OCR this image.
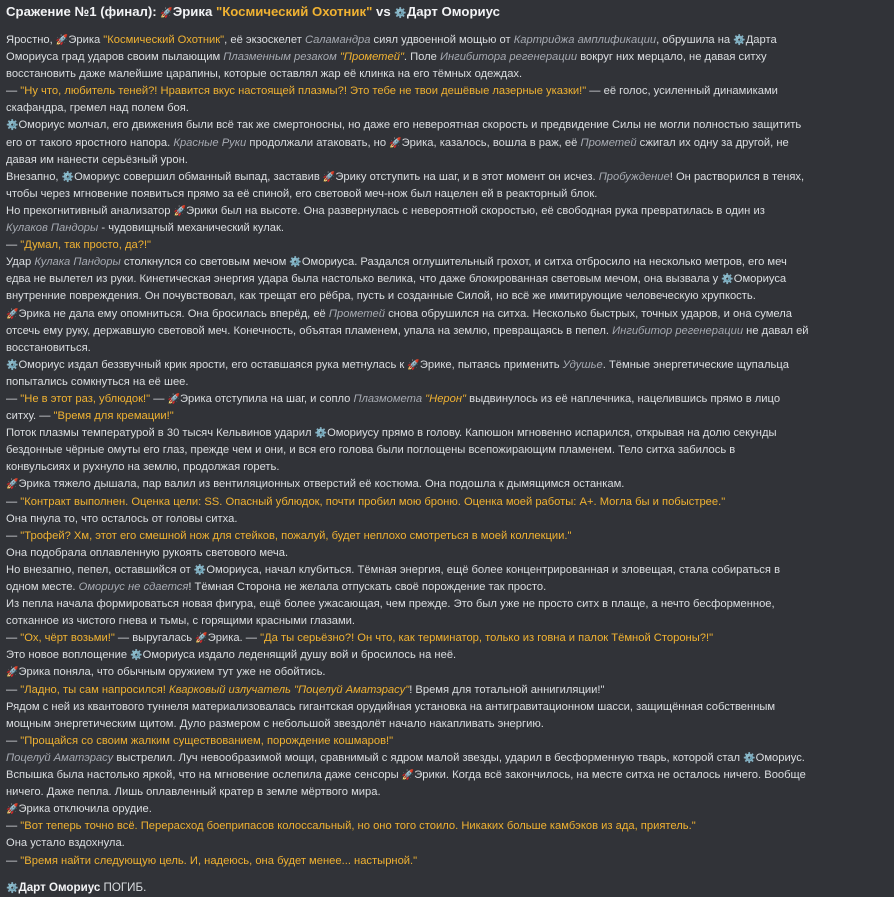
Сражение №1 (финал): 🚀Эрика "Космический Охотник" vs ⚙️Дарт Омориус
Яростно, 🚀Эрика "Космический Охотник", её экзоскелет Саламандра сиял удвоенной мощью от Картриджа амплификации, обрушила на ⚙️Дарта
Омориуса град ударов своим пылающим Плазменным резаком "Прометей". Поле Ингибитора регенерации вокруг них мерцало, не давая ситху
восстановить даже малейшие царапины, которые оставлял жар её клинка на его тёмных одеждах.
— "Ну что, любитель теней?! Нравится вкус настоящей плазмы?! Это тебе не твои дешёвые лазерные указки!" — её голос, усиленный динамиками
скафандра, гремел над полем боя.
⚙️Омориус молчал, его движения были всё так же смертоносны, но даже его невероятная скорость и предвидение Силы не могли полностью защитить
его от такого яростного напора. Красные Руки продолжали атаковать, но 🚀Эрика, казалось, вошла в раж, её Прометей сжигал их одну за другой, не
давая им нанести серьёзный урон.
Внезапно, ⚙️Омориус совершил обманный выпад, заставив 🚀Эрику отступить на шаг, и в этот момент он исчез. Пробуждение! Он растворился в тенях,
чтобы через мгновение появиться прямо за её спиной, его световой меч-нож был нацелен ей в реакторный блок.
Но прекогнитивный анализатор 🚀Эрики был на высоте. Она развернулась с невероятной скоростью, её свободная рука превратилась в один из
Кулаков Пандоры - чудовищный механический кулак.
— "Думал, так просто, да?!"
Удар Кулака Пандоры столкнулся со световым мечом ⚙️Омориуса. Раздался оглушительный грохот, и ситха отбросило на несколько метров, его меч
едва не вылетел из руки. Кинетическая энергия удара была настолько велика, что даже блокированная световым мечом, она вызвала у ⚙️Омориуса
внутренние повреждения. Он почувствовал, как трещат его рёбра, пусть и созданные Силой, но всё же имитирующие человеческую хрупкость.
🚀Эрика не дала ему опомниться. Она бросилась вперёд, её Прометей снова обрушился на ситха. Несколько быстрых, точных ударов, и она сумела
отсечь ему руку, державшую световой меч. Конечность, объятая пламенем, упала на землю, превращаясь в пепел. Ингибитор регенерации не давал ей
восстановиться.
⚙️Омориус издал беззвучный крик ярости, его оставшаяся рука метнулась к 🚀Эрике, пытаясь применить Удушье. Тёмные энергетические щупальца
попытались сомкнуться на её шее.
— "Не в этот раз, ублюдок!" — 🚀Эрика отступила на шаг, и сопло Плазмомета "Нерон" выдвинулось из её наплечника, нацелившись прямо в лицо
ситху. — "Время для кремации!"
Поток плазмы температурой в 30 тысяч Кельвинов ударил ⚙️Омориусу прямо в голову. Капюшон мгновенно испарился, открывая на долю секунды
бездонные чёрные омуты его глаз, прежде чем и они, и вся его голова были поглощены всепожирающим пламенем. Тело ситха забилось в
конвульсиях и рухнуло на землю, продолжая гореть.
🚀Эрика тяжело дышала, пар валил из вентиляционных отверстий её костюма. Она подошла к дымящимся останкам.
— "Контракт выполнен. Оценка цели: SS. Опасный ублюдок, почти пробил мою броню. Оценка моей работы: A+. Могла бы и побыстрее."
Она пнула то, что осталось от головы ситха.
— "Трофей? Хм, этот его смешной нож для стейков, пожалуй, будет неплохо смотреться в моей коллекции."
Она подобрала оплавленную рукоять светового меча.
Но внезапно, пепел, оставшийся от ⚙️Омориуса, начал клубиться. Тёмная энергия, ещё более концентрированная и зловещая, стала собираться в
одном месте. Омориус не сдается! Тёмная Сторона не желала отпускать своё порождение так просто.
Из пепла начала формироваться новая фигура, ещё более ужасающая, чем прежде. Это был уже не просто ситх в плаще, а нечто бесформенное,
сотканное из чистого гнева и тьмы, с горящими красными глазами.
— "Ох, чёрт возьми!" — выругалась 🚀Эрика. — "Да ты серьёзно?! Он что, как терминатор, только из говна и палок Тёмной Стороны?!"
Это новое воплощение ⚙️Омориуса издало леденящий душу вой и бросилось на неё.
🚀Эрика поняла, что обычным оружием тут уже не обойтись.
— "Ладно, ты сам напросился! Кварковый излучатель "Поцелуй Аматэрасу"! Время для тотальной аннигиляции!"
Рядом с ней из квантового туннеля материализовалась гигантская орудийная установка на антигравитационном шасси, защищённая собственным
мощным энергетическим щитом. Дуло размером с небольшой звездолёт начало накапливать энергию.
— "Прощайся со своим жалким существованием, порождение кошмаров!"
Поцелуй Аматэрасу выстрелил. Луч невообразимой мощи, сравнимый с ядром малой звезды, ударил в бесформенную тварь, которой стал ⚙️Омориус.
Вспышка была настолько яркой, что на мгновение ослепила даже сенсоры 🚀Эрики. Когда всё закончилось, на месте ситха не осталось ничего. Вообще
ничего. Даже пепла. Лишь оплавленный кратер в земле мёртвого мира.
🚀Эрика отключила орудие.
— "Вот теперь точно всё. Перерасход боеприпасов колоссальный, но оно того стоило. Никаких больше камбэков из ада, приятель."
Она устало вздохнула.
— "Время найти следующую цель. И, надеюсь, она будет менее... настырной."
⚙️Дарт Омориус ПОГИБ.
